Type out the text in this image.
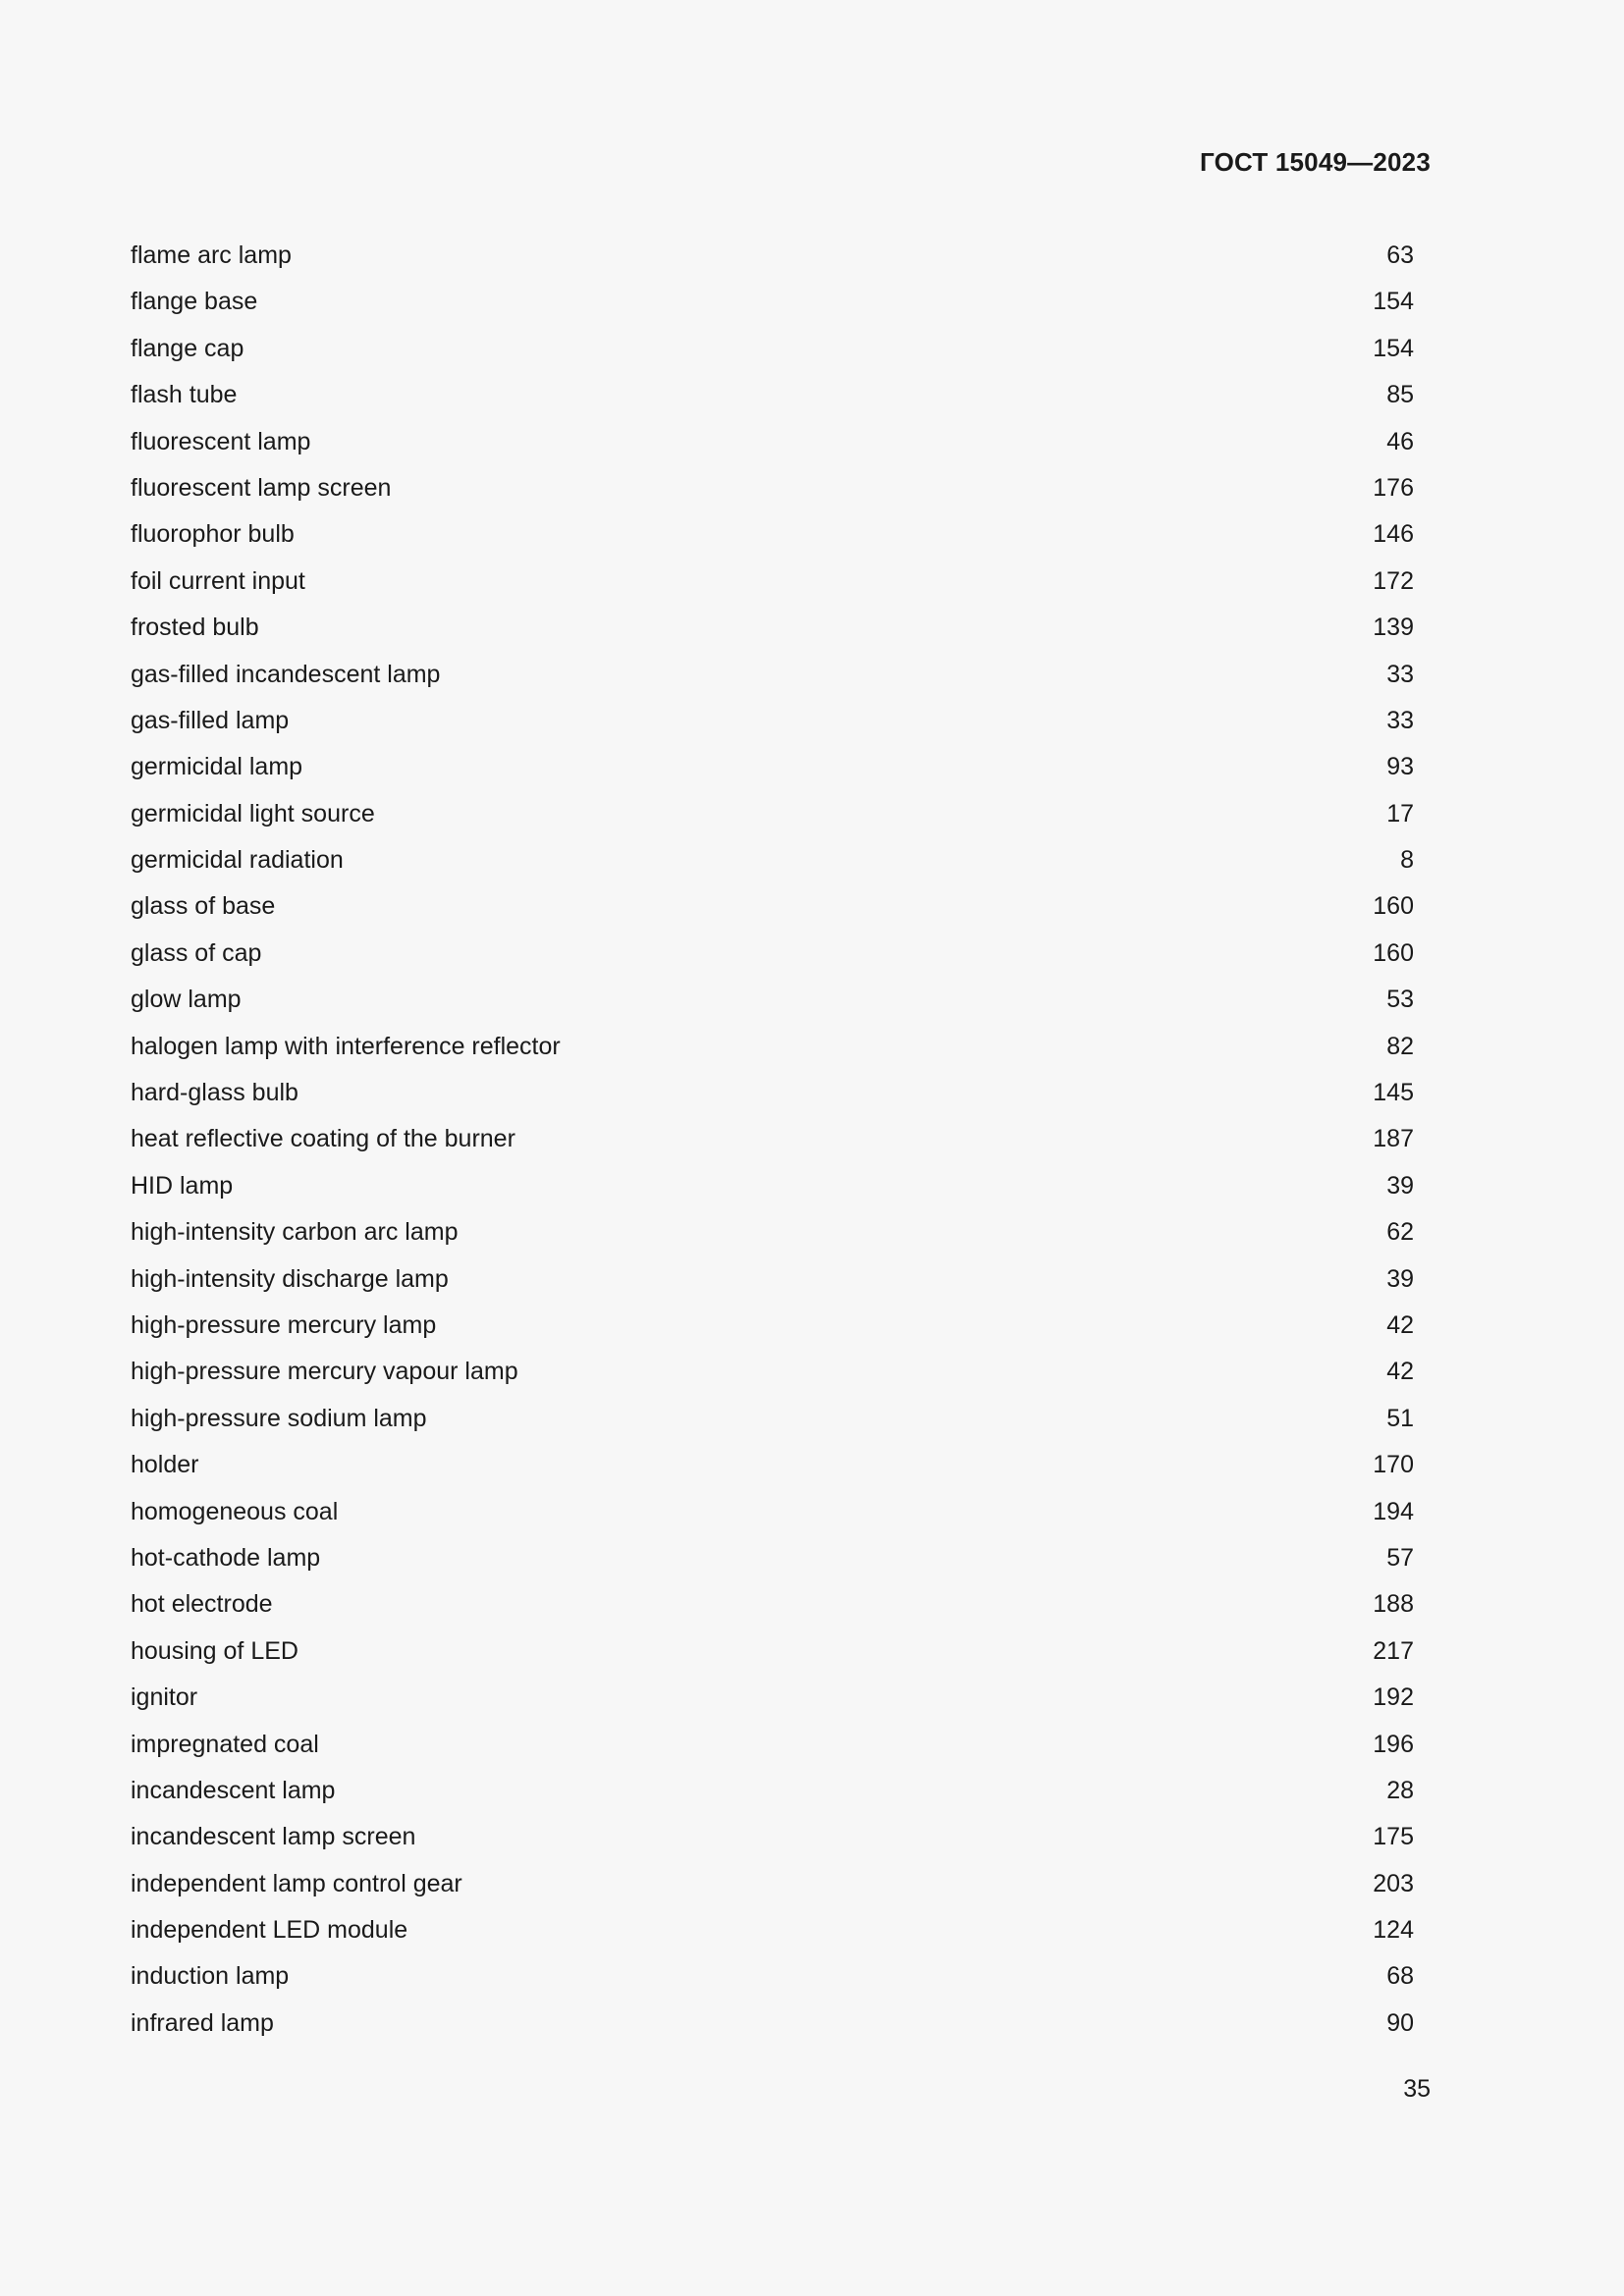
ГОСТ 15049—2023
flame arc lamp	63
flange base	154
flange cap	154
flash tube	85
fluorescent lamp	46
fluorescent lamp screen	176
fluorophor bulb	146
foil current input	172
frosted bulb	139
gas-filled incandescent lamp	33
gas-filled lamp	33
germicidal lamp	93
germicidal light source	17
germicidal radiation	8
glass of base	160
glass of cap	160
glow lamp	53
halogen lamp with interference reflector	82
hard-glass bulb	145
heat reflective coating of the burner	187
HID lamp	39
high-intensity carbon arc lamp	62
high-intensity discharge lamp	39
high-pressure mercury lamp	42
high-pressure mercury vapour lamp	42
high-pressure sodium lamp	51
holder	170
homogeneous coal	194
hot-cathode lamp	57
hot electrode	188
housing of LED	217
ignitor	192
impregnated coal	196
incandescent lamp	28
incandescent lamp screen	175
independent lamp control gear	203
independent LED module	124
induction lamp	68
infrared lamp	90
35
